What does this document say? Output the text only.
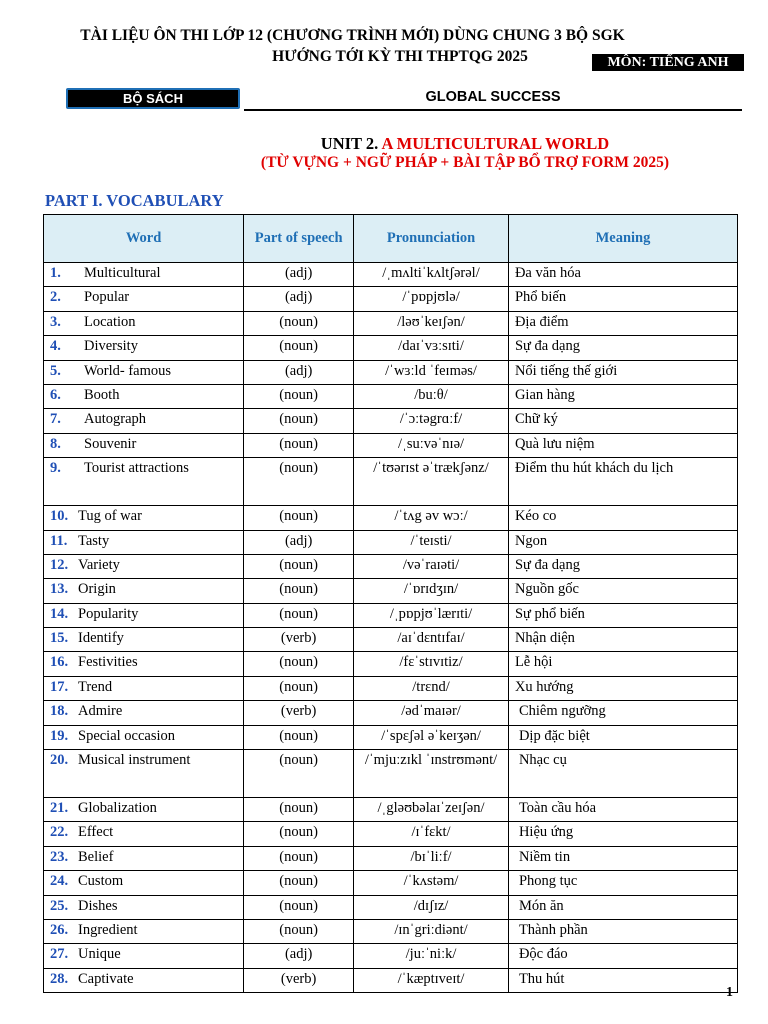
TÀI LIỆU ÔN THI LỚP 12 (CHƯƠNG TRÌNH MỚI) DÙNG CHUNG 3 BỘ SGK
HƯỚNG TỚI KỲ THI THPTQG 2025	MÔN: TIẾNG ANH
BỘ SÁCH	GLOBAL SUCCESS
UNIT 2. A MULTICULTURAL WORLD
(TỪ VỰNG + NGỮ PHÁP + BÀI TẬP BỔ TRỢ FORM 2025)
PART I. VOCABULARY
Word	Part of speech	Pronunciation	Meaning
1. Multicultural	(adj)	/ˌmʌltiˈkʌltʃərəl/	Đa văn hóa
2. Popular	(adj)	/ˈpɒpjʊlə/	Phổ biến
3. Location	(noun)	/ləʊˈkeɪʃən/	Địa điểm
4. Diversity	(noun)	/daɪˈvɜːsɪti/	Sự đa dạng
5. World- famous	(adj)	/ˈwɜːld ˈfeɪməs/	Nổi tiếng thế giới
6. Booth	(noun)	/buːθ/	Gian hàng
7. Autograph	(noun)	/ˈɔːtəgrɑːf/	Chữ ký
8. Souvenir	(noun)	/ˌsuːvəˈnɪə/	Quà lưu niệm
9. Tourist attractions	(noun)	/ˈtʊərɪst əˈtrækʃənz/	Điểm thu hút khách du lịch
10. Tug of war	(noun)	/ˈtʌg əv wɔː/	Kéo co
11. Tasty	(adj)	/ˈteɪsti/	Ngon
12. Variety	(noun)	/vəˈraɪəti/	Sự đa dạng
13. Origin	(noun)	/ˈɒrɪdʒɪn/	Nguồn gốc
14. Popularity	(noun)	/ˌpɒpjʊˈlærɪti/	Sự phổ biến
15. Identify	(verb)	/aɪˈdɛntɪfaɪ/	Nhận diện
16. Festivities	(noun)	/fɛˈstɪvɪtiz/	Lễ hội
17. Trend	(noun)	/trɛnd/	Xu hướng
18. Admire	(verb)	/ədˈmaɪər/	Chiêm ngưỡng
19. Special occasion	(noun)	/ˈspɛʃəl əˈkeɪʒən/	Dịp đặc biệt
20. Musical instrument	(noun)	/ˈmjuːzɪkl ˈɪnstrʊmənt/	Nhạc cụ
21. Globalization	(noun)	/ˌgləʊbəlaɪˈzeɪʃən/	Toàn cầu hóa
22. Effect	(noun)	/ɪˈfɛkt/	Hiệu ứng
23. Belief	(noun)	/bɪˈliːf/	Niềm tin
24. Custom	(noun)	/ˈkʌstəm/	Phong tục
25. Dishes	(noun)	/dɪʃɪz/	Món ăn
26. Ingredient	(noun)	/ɪnˈgriːdiənt/	Thành phần
27. Unique	(adj)	/juːˈniːk/	Độc đáo
28. Captivate	(verb)	/ˈkæptɪveɪt/	Thu hút
1
